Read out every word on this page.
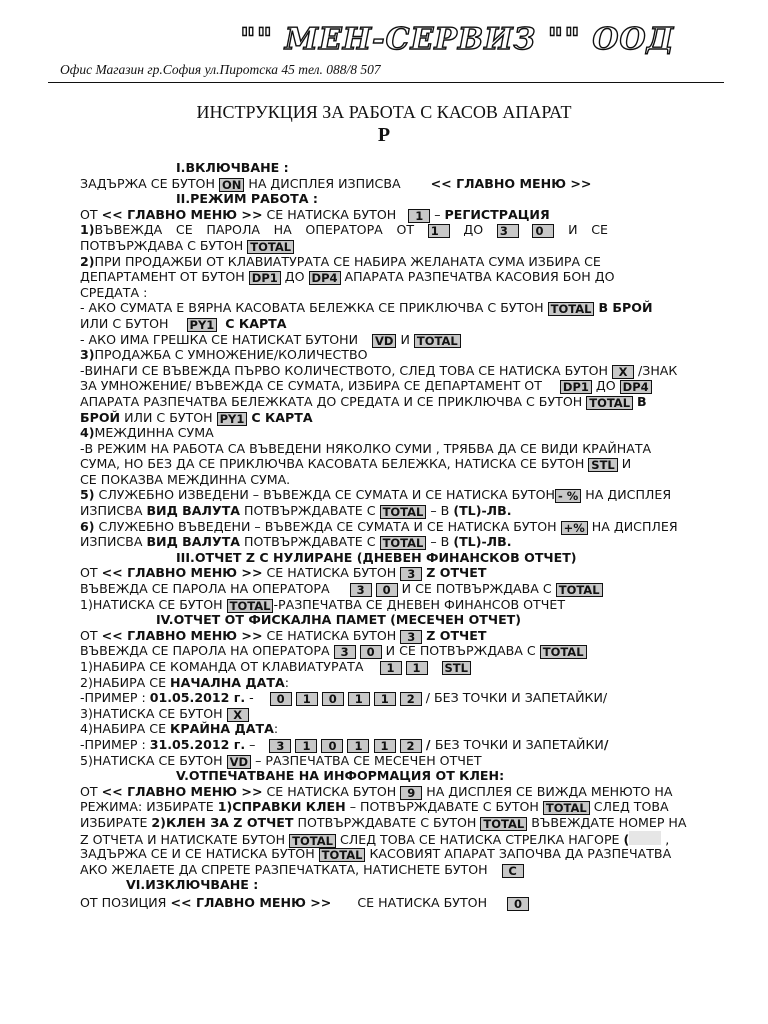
"" МЕН-СЕРВИЗ "" ООД
Офис Магазин гр.София ул.Пиротска 45 тел. 088/8 507
ИНСТРУКЦИЯ ЗА РАБОТА С КАСОВ АПАРАТ
P
I.ВКЛЮЧВАНЕ :
ЗАДЪРЖА СЕ БУТОН ON НА ДИСПЛЕЯ ИЗПИСВА << ГЛАВНО МЕНЮ >>
II.РЕЖИМ РАБОТА :
ОТ << ГЛАВНО МЕНЮ >> СЕ НАТИСКА БУТОН 1 – РЕГИСТРАЦИЯ
1)ВЪВЕЖДА СЕ ПАРОЛА НА ОПЕРАТОРА ОТ 1 ДО 3 0 И СЕ
ПОТВЪРЖДАВА С БУТОН TOTAL
2)ПРИ ПРОДАЖБИ ОТ КЛАВИАТУРАТА СЕ НАБИРА ЖЕЛАНАТА СУМА ИЗБИРА СЕ
ДЕПАРТАМЕНТ ОТ БУТОН DP1 ДО DP4 АПАРАТА РАЗПЕЧАТВА КАСОВИЯ БОН ДО
СРЕДАТА :
- АКО СУМАТА Е ВЯРНА КАСОВАТА БЕЛЕЖКА СЕ ПРИКЛЮЧВА С БУТОН TOTAL В БРОЙ
ИЛИ С БУТОН PY1 С КАРТА
- АКО ИМА ГРЕШКА СЕ НАТИСКАТ БУТОНИ VD И TOTAL
3)ПРОДАЖБА С УМНОЖЕНИЕ/КОЛИЧЕСТВО
-ВИНАГИ СЕ ВЪВЕЖДА ПЪРВО КОЛИЧЕСТВОТО, СЛЕД ТОВА СЕ НАТИСКА БУТОН X /ЗНАК
ЗА УМНОЖЕНИЕ/ ВЪВЕЖДА СЕ СУМАТА, ИЗБИРА СЕ ДЕПАРТАМЕНТ ОТ DP1 ДО DP4
АПАРАТА РАЗПЕЧАТВА БЕЛЕЖКАТА ДО СРЕДАТА И СЕ ПРИКЛЮЧВА С БУТОН TOTAL В
БРОЙ ИЛИ С БУТОН PY1 С КАРТА
4)МЕЖДИННА СУМА
-В РЕЖИМ НА РАБОТА СА ВЪВЕДЕНИ НЯКОЛКО СУМИ , ТРЯБВА ДА СЕ ВИДИ КРАЙНАТА
СУМА, НО БЕЗ ДА СЕ ПРИКЛЮЧВА КАСОВАТА БЕЛЕЖКА, НАТИСКА СЕ БУТОН STL И
СЕ ПОКАЗВА МЕЖДИННА СУМА.
5) СЛУЖЕБНО ИЗВЕДЕНИ – ВЪВЕЖДА СЕ СУМАТА И СЕ НАТИСКА БУТОН - % НА ДИСПЛЕЯ
ИЗПИСВА ВИД ВАЛУТА ПОТВЪРЖДАВАТЕ С TOTAL – В (TL)-ЛВ.
6) СЛУЖЕБНО ВЪВЕДЕНИ – ВЪВЕЖДА СЕ СУМАТА И СЕ НАТИСКА БУТОН +% НА ДИСПЛЕЯ
ИЗПИСВА ВИД ВАЛУТА ПОТВЪРЖДАВАТЕ С TOTAL – В (TL)-ЛВ.
III.ОТЧЕТ Z С НУЛИРАНЕ (ДНЕВЕН ФИНАНСКОВ ОТЧЕТ)
ОТ << ГЛАВНО МЕНЮ >> СЕ НАТИСКА БУТОН 3 Z ОТЧЕТ
ВЪВЕЖДА СЕ ПАРОЛА НА ОПЕРАТОРА 3 0 И СЕ ПОТВЪРЖДАВА С TOTAL
1)НАТИСКА СЕ БУТОН TOTAL -РАЗПЕЧАТВА СЕ ДНЕВЕН ФИНАНСОВ ОТЧЕТ
IV.ОТЧЕТ ОТ ФИСКАЛНА ПАМЕТ (МЕСЕЧЕН ОТЧЕТ)
ОТ << ГЛАВНО МЕНЮ >> СЕ НАТИСКА БУТОН 3 Z ОТЧЕТ
ВЪВЕЖДА СЕ ПАРОЛА НА ОПЕРАТОРА 3 0 И СЕ ПОТВЪРЖДАВА С TOTAL
1)НАБИРА СЕ КОМАНДА ОТ КЛАВИАТУРАТА 1 1 STL
2)НАБИРА СЕ НАЧАЛНА ДАТА:
-ПРИМЕР : 01.05.2012 г. - 0 1 0 1 1 2 / БЕЗ ТОЧКИ И ЗАПЕТАЙКИ/
3)НАТИСКА СЕ БУТОН X
4)НАБИРА СЕ КРАЙНА ДАТА:
-ПРИМЕР : 31.05.2012 г. – 3 1 0 1 1 2 / БЕЗ ТОЧКИ И ЗАПЕТАЙКИ/
5)НАТИСКА СЕ БУТОН VD – РАЗПЕЧАТВА СЕ МЕСЕЧЕН ОТЧЕТ
V.ОТПЕЧАТВАНЕ НА ИНФОРМАЦИЯ ОТ КЛЕН:
ОТ << ГЛАВНО МЕНЮ >> СЕ НАТИСКА БУТОН 9 НА ДИСПЛЕЯ СЕ ВИЖДА МЕНЮТО НА
РЕЖИМА: ИЗБИРАТЕ 1)СПРАВКИ КЛЕН – ПОТВЪРЖДАВАТЕ С БУТОН TOTAL СЛЕД ТОВА
ИЗБИРАТЕ 2)КЛЕН ЗА Z ОТЧЕТ ПОТВЪРЖДАВАТЕ С БУТОН TOTAL ВЪВЕЖДАТЕ НОМЕР НА
Z ОТЧЕТА И НАТИСКАТЕ БУТОН TOTAL СЛЕД ТОВА СЕ НАТИСКА СТРЕЛКА НАГОРЕ (	,
ЗАДЪРЖА СЕ И СЕ НАТИСКА БУТОН TOTAL КАСОВИЯТ АПАРАТ ЗАПОЧВА ДА РАЗПЕЧАТВА
АКО ЖЕЛАЕТЕ ДА СПРЕТЕ РАЗПЕЧАТКАТА, НАТИСНЕТЕ БУТОН C
VI.ИЗКЛЮЧВАНЕ :
ОТ ПОЗИЦИЯ << ГЛАВНО МЕНЮ >> СЕ НАТИСКА БУТОН 0
